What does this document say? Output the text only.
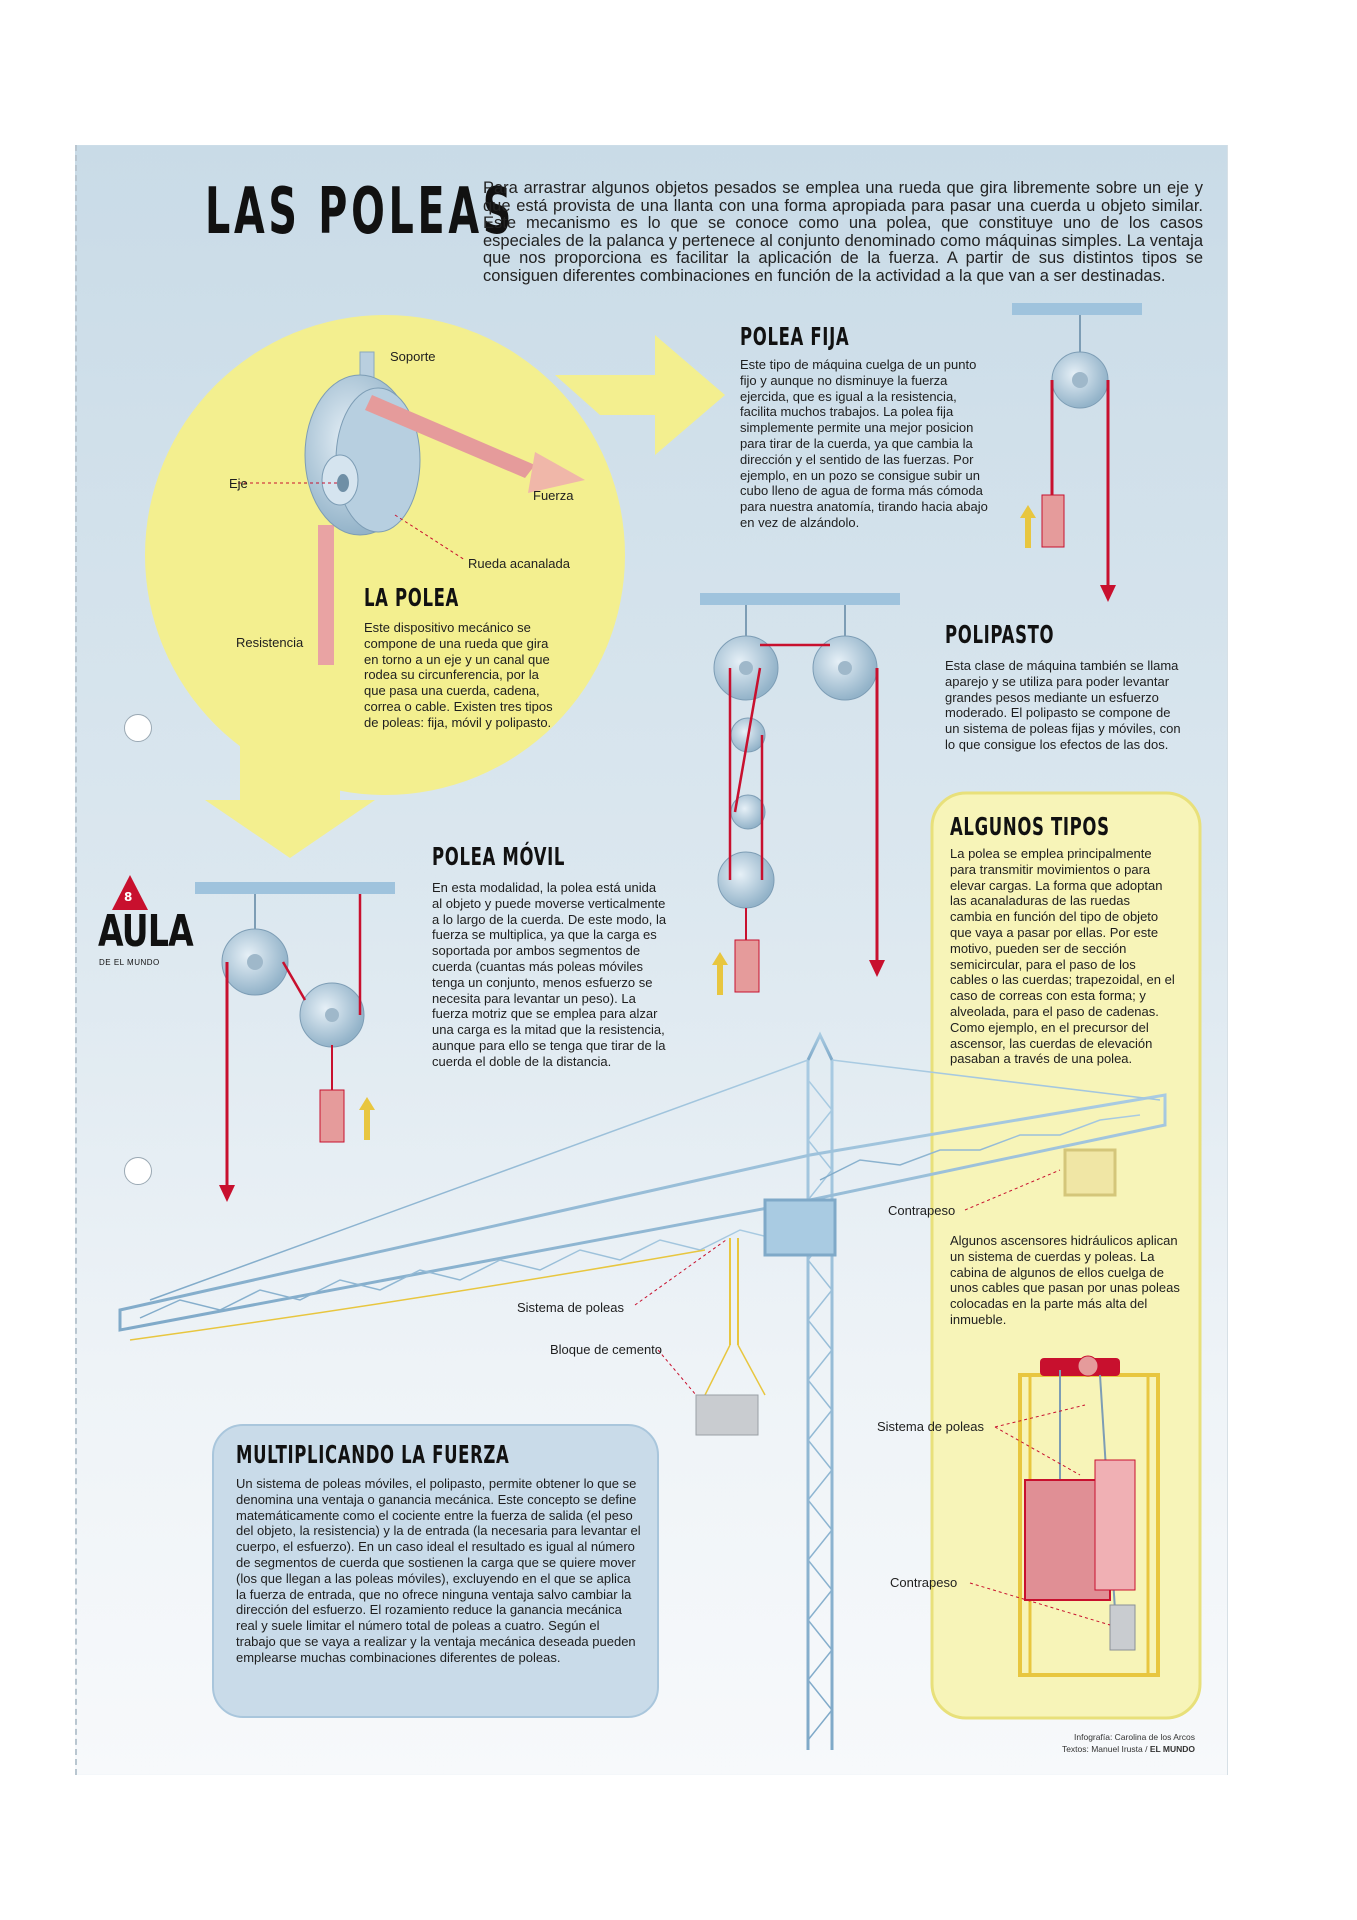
LAS POLEAS
Para arrastrar algunos objetos pesados se emplea una rueda que gira libremente sobre un eje y que está provista de una llanta con una forma apropiada para pasar una cuerda u objeto similar. Este mecanismo es lo que se conoce como una polea, que constituye uno de los casos especiales de la palanca y pertenece al conjunto denominado como máquinas simples. La ventaja que nos proporciona es facilitar la aplicación de la fuerza. A partir de sus distintos tipos se consiguen diferentes combinaciones en función de la actividad a la que van a ser destinadas.
Soporte
Eje
Fuerza
Rueda acanalada
Resistencia
LA POLEA
Este dispositivo mecánico se compone de una rueda que gira en torno a un eje y un canal que rodea su circunferencia, por la que pasa una cuerda, cadena, correa o cable. Existen tres tipos de poleas: fija, móvil y polipasto.
POLEA FIJA
Este tipo de máquina cuelga de un punto fijo y aunque no disminuye la fuerza ejercida, que es igual a la resistencia, facilita muchos trabajos. La polea fija simplemente permite una mejor posicion para tirar de la cuerda, ya que cambia la dirección y el sentido de las fuerzas. Por ejemplo, en un pozo se consigue subir un cubo lleno de agua de forma más cómoda para nuestra anatomía, tirando hacia abajo en vez de alzándolo.
POLIPASTO
Esta clase de máquina también se llama aparejo y se utiliza para poder levantar grandes pesos mediante un esfuerzo moderado. El polipasto se compone de un sistema de poleas fijas y móviles, con lo que consigue los efectos de las dos.
POLEA MÓVIL
En esta modalidad, la polea está unida al objeto y puede moverse verticalmente a lo largo de la cuerda. De este modo, la fuerza se multiplica, ya que la carga es soportada por ambos segmentos de cuerda (cuantas más poleas móviles tenga un conjunto, menos esfuerzo se necesita para levantar un peso). La fuerza motriz que se emplea para alzar una carga es la mitad que la resistencia, aunque para ello se tenga que tirar de la cuerda el doble de la distancia.
ALGUNOS TIPOS
La polea se emplea principalmente para transmitir movimientos o para elevar cargas. La forma que adoptan las acanaladuras de las ruedas cambia en función del tipo de objeto que vaya a pasar por ellas. Por este motivo, pueden ser de sección semicircular, para el paso de los cables o las cuerdas; trapezoidal, en el caso de correas con esta forma; y alveolada, para el paso de cadenas. Como ejemplo, en el precursor del ascensor, las cuerdas de elevación pasaban a través de una polea.
Contrapeso
Algunos ascensores hidráulicos aplican un sistema de cuerdas y poleas. La cabina de algunos de ellos cuelga de unos cables que pasan por unas poleas colocadas en la parte más alta del inmueble.
Sistema de poleas
Contrapeso
Sistema de poleas
Bloque de cemento
MULTIPLICANDO LA FUERZA
Un sistema de poleas móviles, el polipasto, permite obtener lo que se denomina una ventaja o ganancia mecánica. Este concepto se define matemáticamente como el cociente entre la fuerza de salida (el peso del objeto, la resistencia) y la de entrada (la necesaria para levantar el cuerpo, el esfuerzo). En un caso ideal el resultado es igual al número de segmentos de cuerda que sostienen la carga que se quiere mover (los que llegan a las poleas móviles), excluyendo en el que se aplica la fuerza de entrada, que no ofrece ninguna ventaja salvo cambiar la dirección del esfuerzo. El rozamiento reduce la ganancia mecánica real y suele limitar el número total de poleas a cuatro. Según el trabajo que se vaya a realizar y la ventaja mecánica deseada pueden emplearse muchas combinaciones diferentes de poleas.
8
AULA
DE EL MUNDO
Infografía: Carolina de los Arcos
Textos: Manuel Irusta / EL MUNDO
